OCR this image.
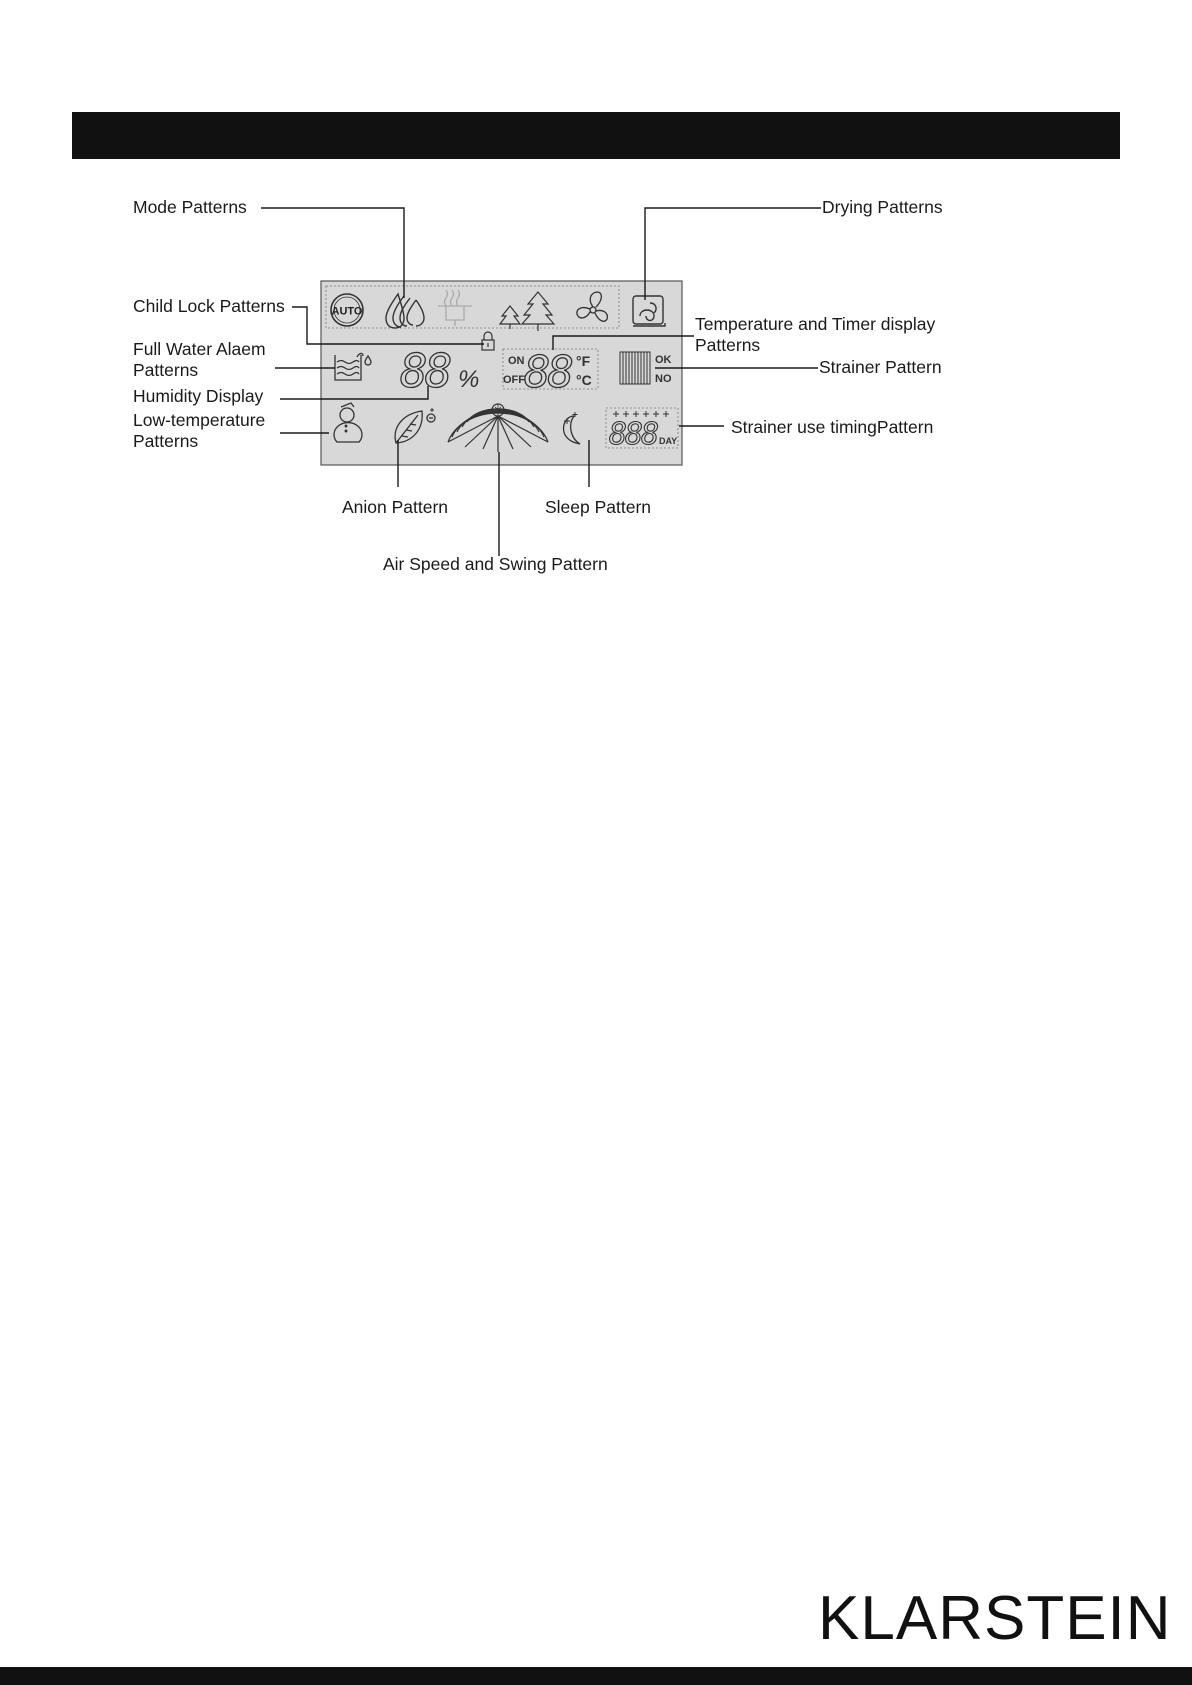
AUTO
88 %
ON
OFF 88 °F
°C
OK
NO
888 DAY
Mode Patterns	Drying Patterns
Child Lock Patterns
Temperature and Timer display
Patterns
Full Water Alaem
Patterns	Strainer Pattern
Humidity Display
Low-temperature
Patterns
Strainer use timingPattern
Anion Pattern	Sleep Pattern
Air Speed and Swing Pattern
KLARSTEIN
